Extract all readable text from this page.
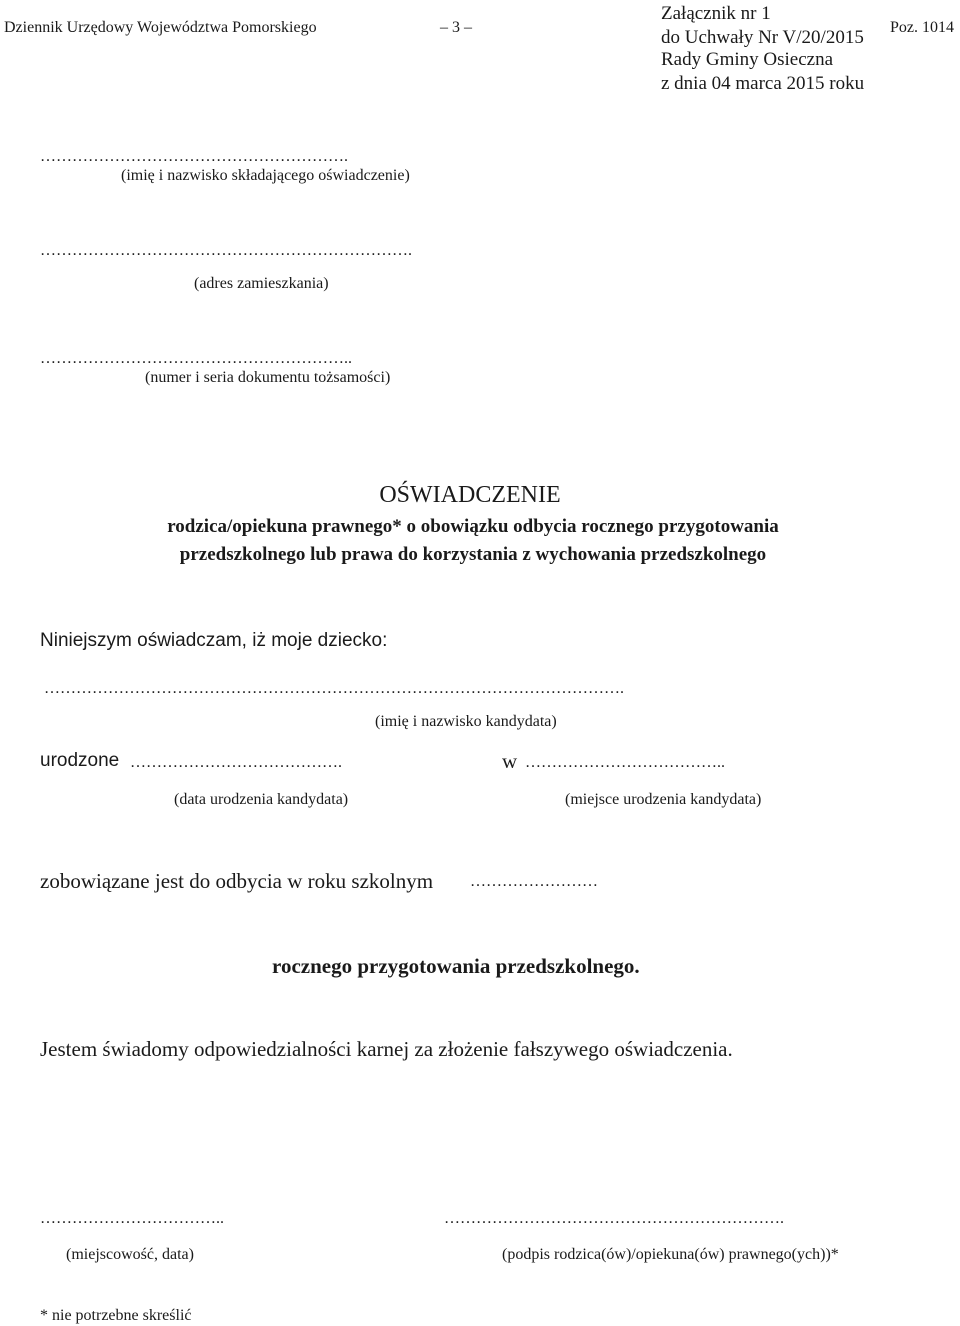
Dziennik Urzędowy Województwa Pomorskiego	– 3 –	Poz. 1014
Załącznik nr 1
do Uchwały Nr V/20/2015
Rady Gminy Osieczna
z dnia 04 marca 2015 roku
………………………………………………….
(imię i nazwisko składającego oświadczenie)
…………………………………………………………….
(adres zamieszkania)
…………………………………………………..
(numer i seria dokumentu tożsamości)
OŚWIADCZENIE
rodzica/opiekuna prawnego* o obowiązku odbycia rocznego przygotowania
przedszkolnego lub prawa do korzystania z wychowania przedszkolnego
Niniejszym oświadczam, iż moje dziecko:
……………………………………………………………………………………………….
(imię i nazwisko kandydata)
urodzone ………………………………….	w ………………………………..
(data urodzenia kandydata)	(miejsce urodzenia kandydata)
zobowiązane jest do odbycia w roku szkolnym ……………………
rocznego przygotowania przedszkolnego.
Jestem świadomy odpowiedzialności karnej za złożenie fałszywego oświadczenia.
……………………………..
(miejscowość, data)
……………………………………………………….
(podpis rodzica(ów)/opiekuna(ów) prawnego(ych))*
* nie potrzebne skreślić
